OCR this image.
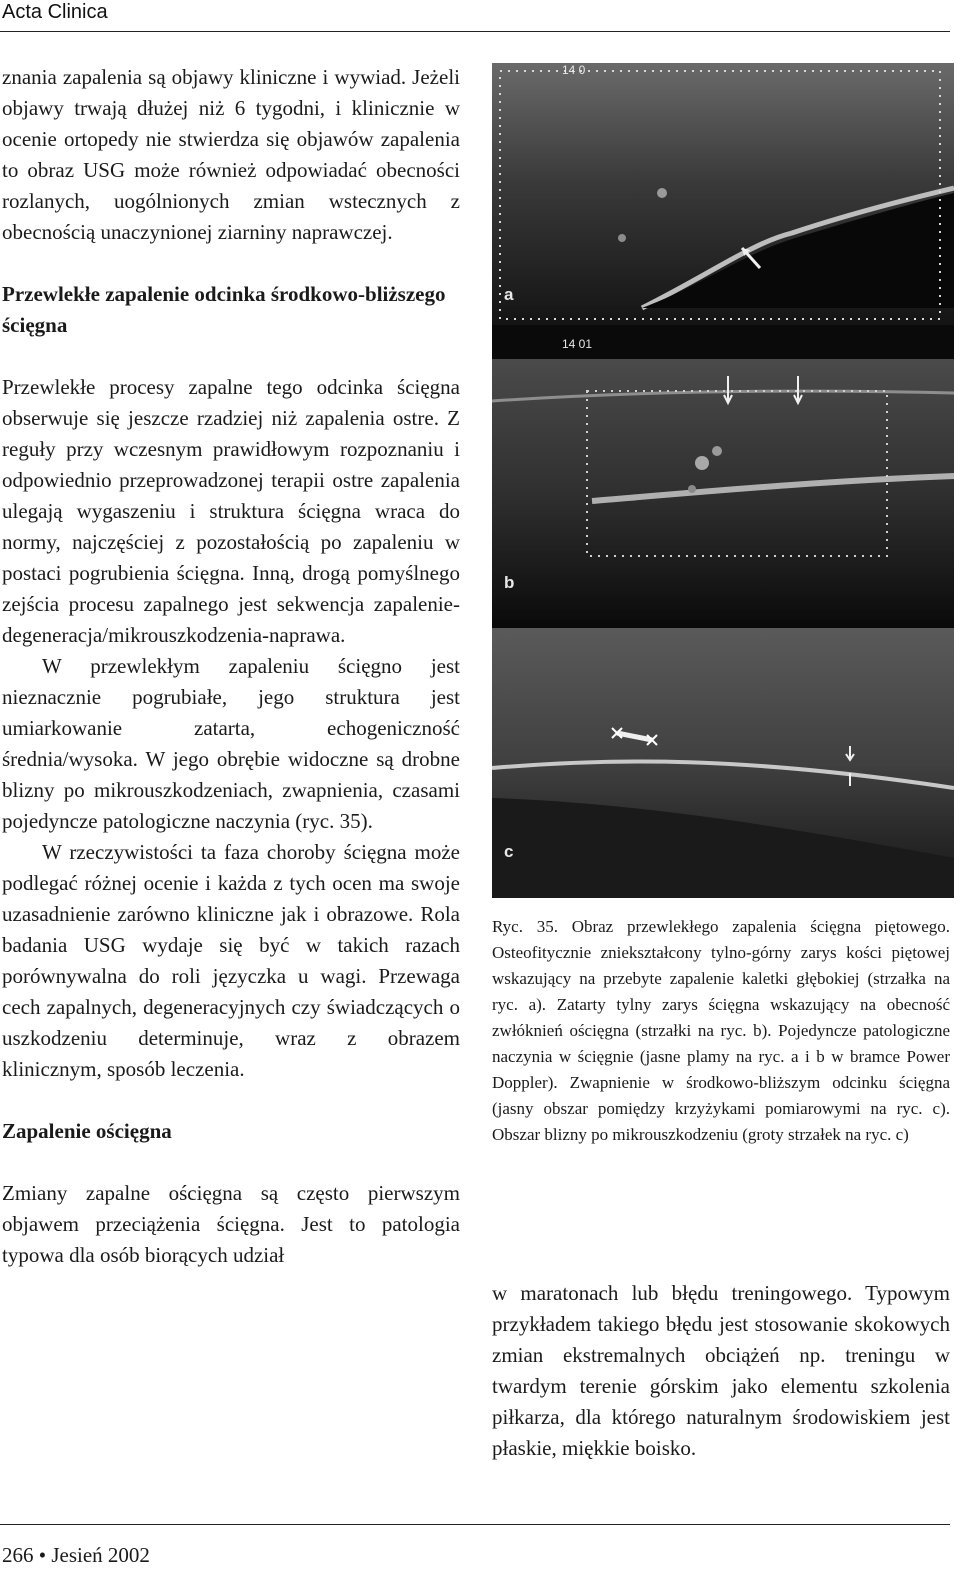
Acta Clinica

znania zapalenia są objawy kliniczne i wywiad. Jeżeli objawy trwają dłużej niż 6 tygodni, i klinicznie w ocenie ortopedy nie stwierdza się objawów zapalenia to obraz USG może również odpowiadać obecności rozlanych, uogólnionych zmian wstecznych z obecnością unaczynionej ziarniny naprawczej.

Przewlekłe zapalenie odcinka środkowo-bliższego ścięgna

Przewlekłe procesy zapalne tego odcinka ścięgna obserwuje się jeszcze rzadziej niż zapalenia ostre. Z reguły przy wczesnym prawidłowym rozpoznaniu i odpowiednio przeprowadzonej terapii ostre zapalenia ulegają wygaszeniu i struktura ścięgna wraca do normy, najczęściej z pozostałością po zapaleniu w postaci pogrubienia ścięgna. Inną, drogą pomyślnego zejścia procesu zapalnego jest sekwencja zapalenie-degeneracja/mikrouszkodzenia-naprawa.

W przewlekłym zapaleniu ścięgno jest nieznacznie pogrubiałe, jego struktura jest umiarkowanie zatarta, echogeniczność średnia/wysoka. W jego obrębie widoczne są drobne blizny po mikrouszkodzeniach, zwapnienia, czasami pojedyncze patologiczne naczynia (ryc. 35).

W rzeczywistości ta faza choroby ścięgna może podlegać różnej ocenie i każda z tych ocen ma swoje uzasadnienie zarówno kliniczne jak i obrazowe. Rola badania USG wydaje się być w takich razach porównywalna do roli języczka u wagi. Przewaga cech zapalnych, degeneracyjnych czy świadczących o uszkodzeniu determinuje, wraz z obrazem klinicznym, sposób leczenia.

Zapalenie ościęgna

Zmiany zapalne ościęgna są często pierwszym objawem przeciążenia ścięgna. Jest to patologia typowa dla osób biorących udział

a
14 0
b
14 01
c
Ryc. 35. Obraz przewlekłego zapalenia ścięgna piętowego. Osteofitycznie zniekształcony tylno-górny zarys kości piętowej wskazujący na przebyte zapalenie kaletki głębokiej (strzałka na ryc. a). Zatarty tylny zarys ścięgna wskazujący na obecność zwłóknień ościęgna (strzałki na ryc. b). Pojedyncze patologiczne naczynia w ścięgnie (jasne plamy na ryc. a i b w bramce Power Doppler). Zwapnienie w środkowo-bliższym odcinku ścięgna (jasny obszar pomiędzy krzyżykami pomiarowymi na ryc. c). Obszar blizny po mikrouszkodzeniu (groty strzałek na ryc. c)

w maratonach lub błędu treningowego. Typowym przykładem takiego błędu jest stosowanie skokowych zmian ekstremalnych obciążeń np. treningu w twardym terenie górskim jako elementu szkolenia piłkarza, dla którego naturalnym środowiskiem jest płaskie, miękkie boisko.

266 • Jesień 2002
